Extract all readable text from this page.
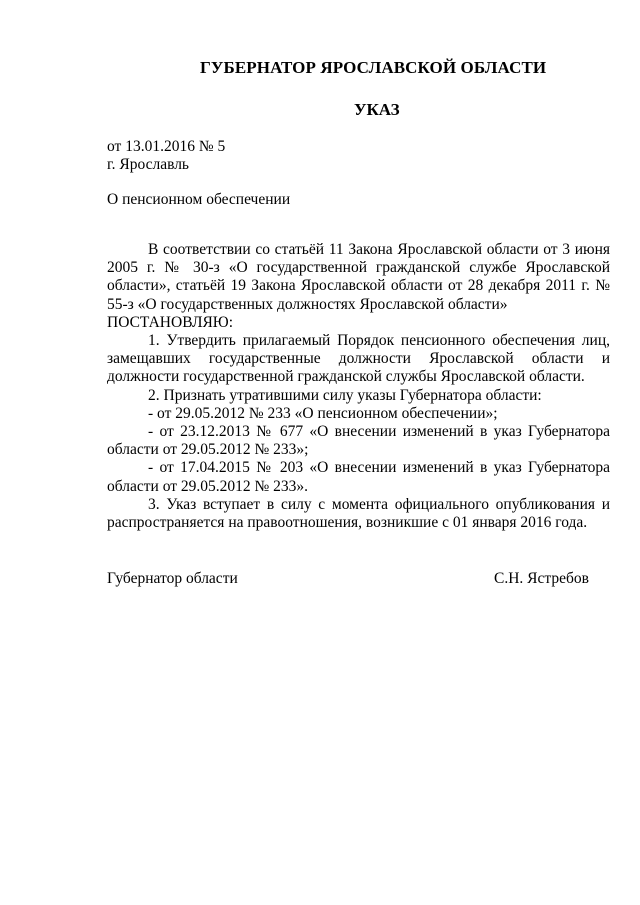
ГУБЕРНАТОР ЯРОСЛАВСКОЙ ОБЛАСТИ
УКАЗ
от 13.01.2016 № 5
г. Ярославль
О пенсионном обеспечении

В соответствии со статьёй 11 Закона Ярославской области от 3 июня 2005 г. № 30-з «О государственной гражданской службе Ярославской области», статьёй 19 Закона Ярославской области от 28 декабря 2011 г. № 55-з «О государственных должностях Ярославской области»

ПОСТАНОВЛЯЮ:

1. Утвердить прилагаемый Порядок пенсионного обеспечения лиц, замещавших государственные должности Ярославской области и должности государственной гражданской службы Ярославской области.

2. Признать утратившими силу указы Губернатора области:

- от 29.05.2012 № 233 «О пенсионном обеспечении»;

- от 23.12.2013 № 677 «О внесении изменений в указ Губернатора области от 29.05.2012 № 233»;

- от 17.04.2015 № 203 «О внесении изменений в указ Губернатора области от 29.05.2012 № 233».

3. Указ вступает в силу с момента официального опубликования и распространяется на правоотношения, возникшие с 01 января 2016 года.

Губернатор области	С.Н. Ястребов
